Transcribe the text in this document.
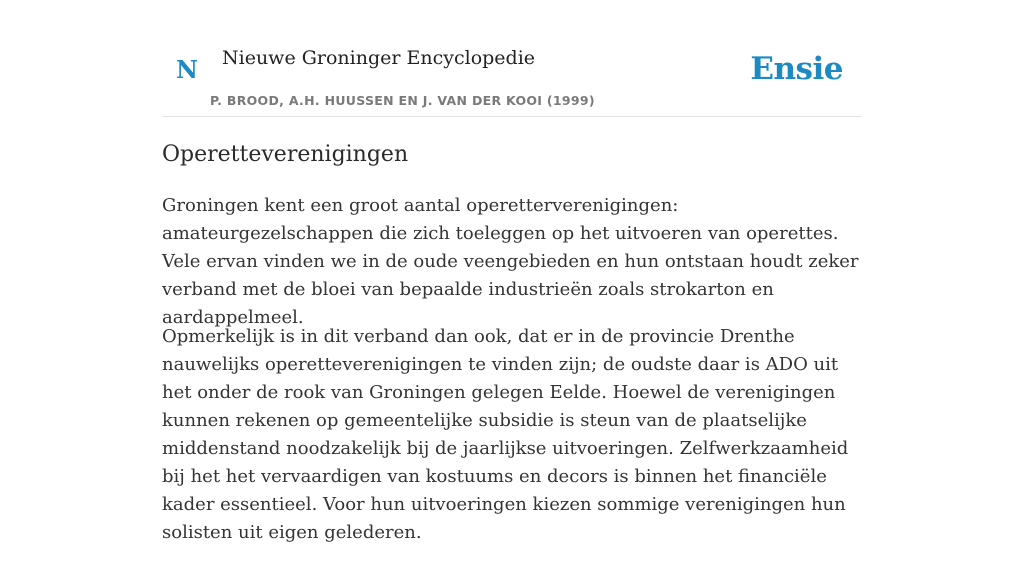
N Nieuwe Groninger Encyclopedie
P. BROOD, A.H. HUUSSEN EN J. VAN DER KOOI (1999)
Ensie
Operetteverenigingen

Groningen kent een groot aantal operetterverenigingen: amateurgezelschappen die zich toeleggen op het uitvoeren van operettes. Vele ervan vinden we in de oude veengebieden en hun ontstaan houdt zeker verband met de bloei van bepaalde industrieën zoals strokarton en aardappelmeel.

Opmerkelijk is in dit verband dan ook, dat er in de provincie Drenthe nauwelijks operetteverenigingen te vinden zijn; de oudste daar is ADO uit het onder de rook van Groningen gelegen Eelde. Hoewel de verenigingen kunnen rekenen op gemeentelijke subsidie is steun van de plaatselijke middenstand noodzakelijk bij de jaarlijkse uitvoeringen. Zelfwerkzaamheid bij het het vervaardigen van kostuums en decors is binnen het financiële kader essentieel. Voor hun uitvoeringen kiezen sommige verenigingen hun solisten uit eigen gelederen.
